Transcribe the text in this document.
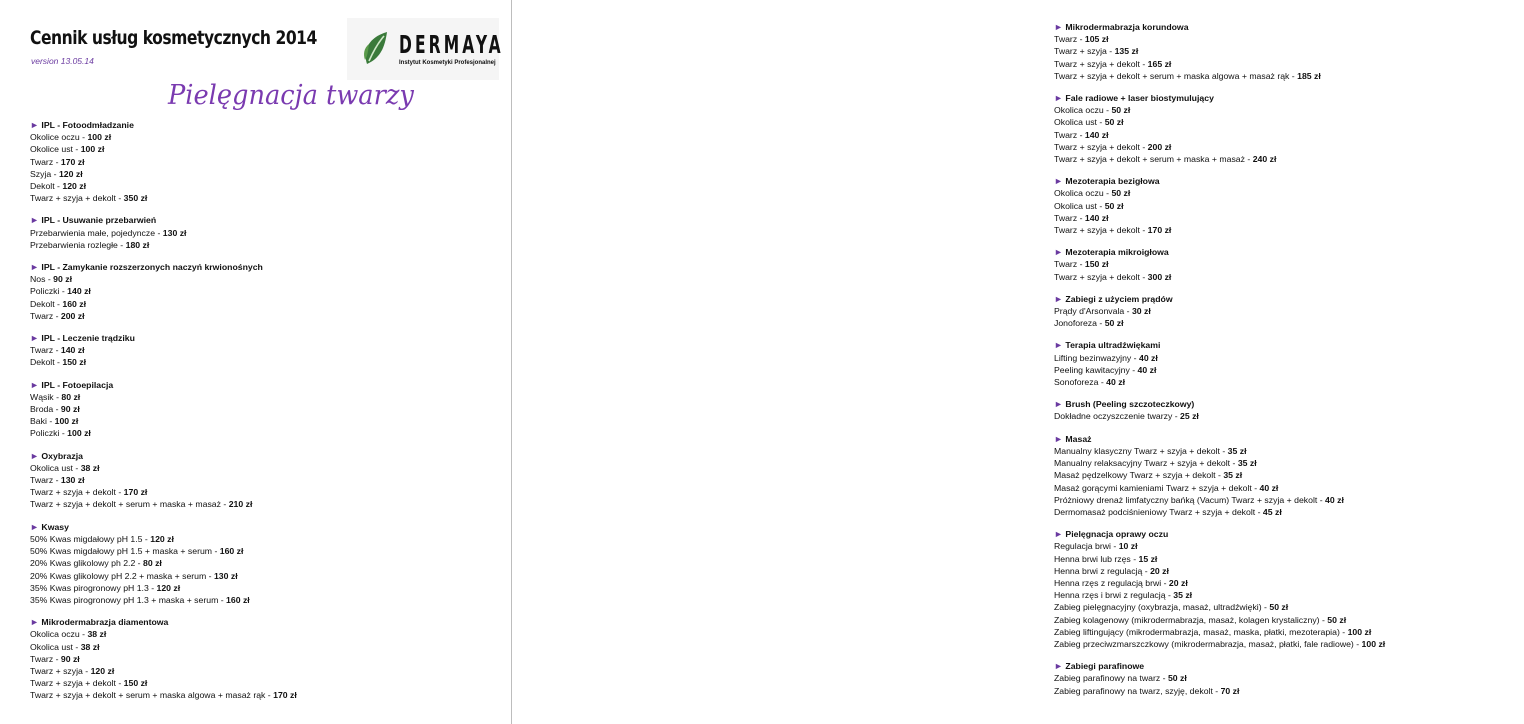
Cennik usług kosmetycznych 2014
version 13.05.14
DERMAYA
Instytut Kosmetyki Profesjonalnej
Pielęgnacja twarzy
► IPL - Fotoodmładzanie
Okolice oczu - 100 zł
Okolice ust - 100 zł
Twarz - 170 zł
Szyja - 120 zł
Dekolt - 120 zł
Twarz + szyja + dekolt - 350 zł
► IPL - Usuwanie przebarwień
Przebarwienia małe, pojedyncze - 130 zł
Przebarwienia rozległe - 180 zł
► IPL - Zamykanie rozszerzonych naczyń krwionośnych
Nos - 90 zł
Policzki - 140 zł
Dekolt - 160 zł
Twarz - 200 zł
► IPL - Leczenie trądziku
Twarz - 140 zł
Dekolt - 150 zł
► IPL - Fotoepilacja
Wąsik - 80 zł
Broda - 90 zł
Baki - 100 zł
Policzki - 100 zł
► Oxybrazja
Okolica ust - 38 zł
Twarz - 130 zł
Twarz + szyja + dekolt - 170 zł
Twarz + szyja + dekolt + serum + maska + masaż - 210 zł
► Kwasy
50% Kwas migdałowy pH 1.5 - 120 zł
50% Kwas migdałowy pH 1.5 + maska + serum - 160 zł
20% Kwas glikolowy ph 2.2 - 80 zł
20% Kwas glikolowy pH 2.2 + maska + serum - 130 zł
35% Kwas pirogronowy pH 1.3 - 120 zł
35% Kwas pirogronowy pH 1.3 + maska + serum - 160 zł
► Mikrodermabrazja diamentowa
Okolica oczu - 38 zł
Okolica ust - 38 zł
Twarz - 90 zł
Twarz + szyja - 120 zł
Twarz + szyja + dekolt - 150 zł
Twarz + szyja + dekolt + serum + maska algowa + masaż rąk - 170 zł
► Mikrodermabrazja korundowa
Twarz - 105 zł
Twarz + szyja - 135 zł
Twarz + szyja + dekolt - 165 zł
Twarz + szyja + dekolt + serum + maska algowa + masaż rąk - 185 zł
► Fale radiowe + laser biostymulujący
Okolica oczu - 50 zł
Okolica ust - 50 zł
Twarz - 140 zł
Twarz + szyja + dekolt - 200 zł
Twarz + szyja + dekolt + serum + maska + masaż - 240 zł
► Mezoterapia bezigłowa
Okolica oczu - 50 zł
Okolica ust - 50 zł
Twarz - 140 zł
Twarz + szyja + dekolt - 170 zł
► Mezoterapia mikroigłowa
Twarz - 150 zł
Twarz + szyja + dekolt - 300 zł
► Zabiegi z użyciem prądów
Prądy d'Arsonvala - 30 zł
Jonoforeza - 50 zł
► Terapia ultradźwiękami
Lifting bezinwazyjny - 40 zł
Peeling kawitacyjny - 40 zł
Sonoforeza - 40 zł
► Brush (Peeling szczoteczkowy)
Dokładne oczyszczenie twarzy - 25 zł
► Masaż
Manualny klasyczny Twarz + szyja + dekolt - 35 zł
Manualny relaksacyjny Twarz + szyja + dekolt - 35 zł
Masaż pędzelkowy Twarz + szyja + dekolt - 35 zł
Masaż gorącymi kamieniami Twarz + szyja + dekolt - 40 zł
Próżniowy drenaż limfatyczny bańką (Vacum) Twarz + szyja + dekolt - 40 zł
Dermomasaż podciśnieniowy Twarz + szyja + dekolt - 45 zł
► Pielęgnacja oprawy oczu
Regulacja brwi - 10 zł
Henna brwi lub rzęs - 15 zł
Henna brwi z regulacją - 20 zł
Henna rzęs z regulacją brwi - 20 zł
Henna rzęs i brwi z regulacją - 35 zł
Zabieg pielęgnacyjny (oxybrazja, masaż, ultradźwięki) - 50 zł
Zabieg kolagenowy (mikrodermabrazja, masaż, kolagen krystaliczny) - 50 zł
Zabieg liftingujący (mikrodermabrazja, masaż, maska, płatki, mezoterapia) - 100 zł
Zabieg przeciwzmarszczkowy (mikrodermabrazja, masaż, płatki, fale radiowe) - 100 zł
► Zabiegi parafinowe
Zabieg parafinowy na twarz - 50 zł
Zabieg parafinowy na twarz, szyję, dekolt - 70 zł
